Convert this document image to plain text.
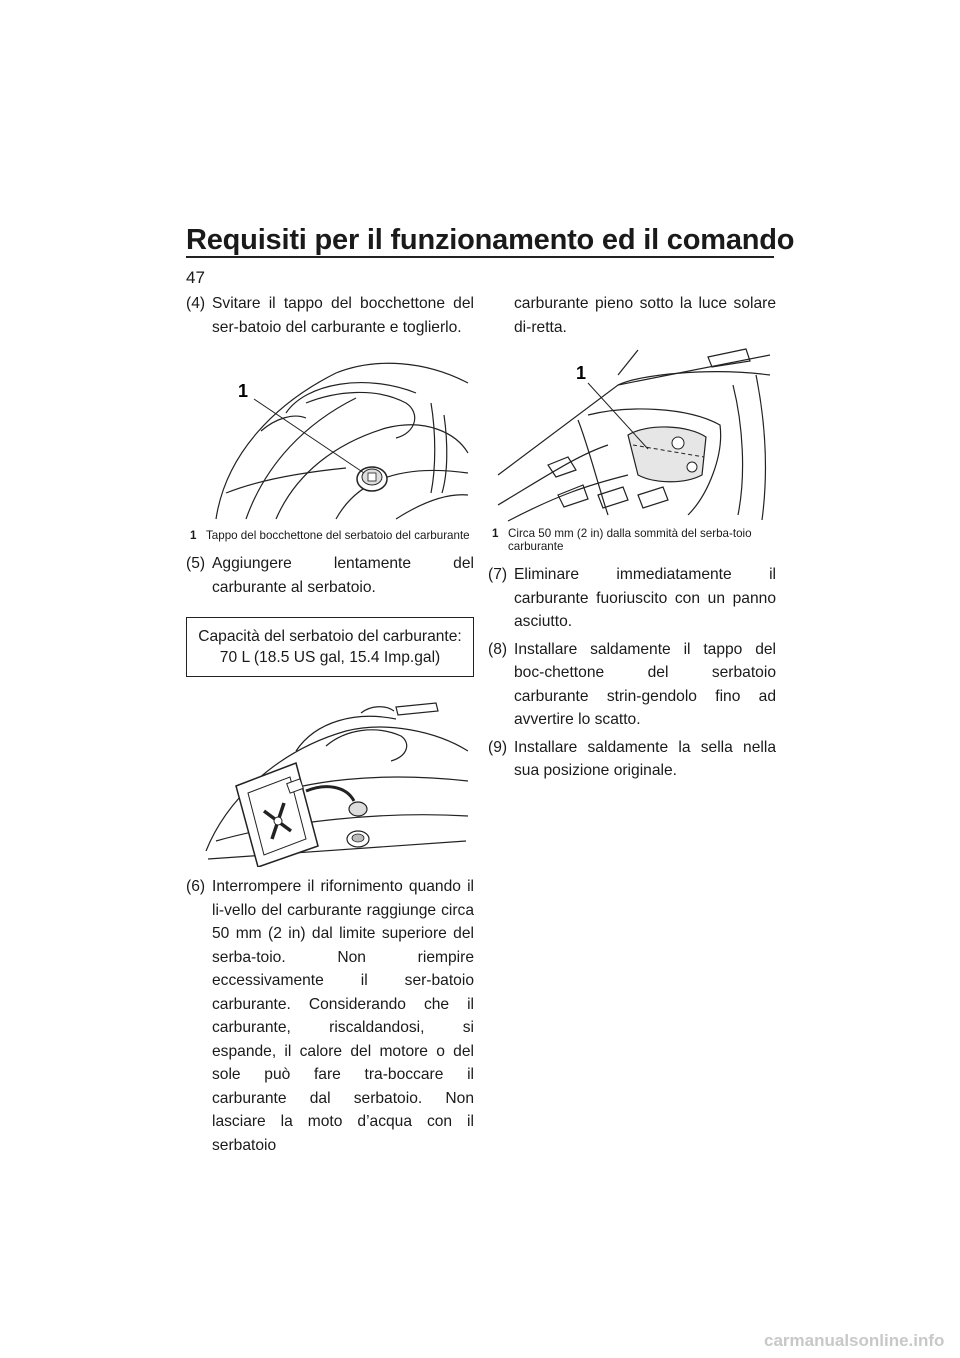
Requisiti per il funzionamento ed il comando
47

(4) Svitare il tappo del bocchettone del ser-batoio del carburante e toglierlo.

1
1 Tappo del bocchettone del serbatoio del carburante

(5) Aggiungere lentamente del carburante al serbatoio.

Capacità del serbatoio del carburante:
70 L (18.5 US gal, 15.4 Imp.gal)

(6) Interrompere il rifornimento quando il li-vello del carburante raggiunge circa 50 mm (2 in) dal limite superiore del serba-toio. Non riempire eccessivamente il ser-batoio carburante. Considerando che il carburante, riscaldandosi, si espande, il calore del motore o del sole può fare tra-boccare il carburante dal serbatoio. Non lasciare la moto d’acqua con il serbatoio

carburante pieno sotto la luce solare di-retta.

1
1 Circa 50 mm (2 in) dalla sommità del serba-toio carburante

(7) Eliminare immediatamente il carburante fuoriuscito con un panno asciutto.

(8) Installare saldamente il tappo del boc-chettone del serbatoio carburante strin-gendolo fino ad avvertire lo scatto.

(9) Installare saldamente la sella nella sua posizione originale.

carmanualsonline.info
